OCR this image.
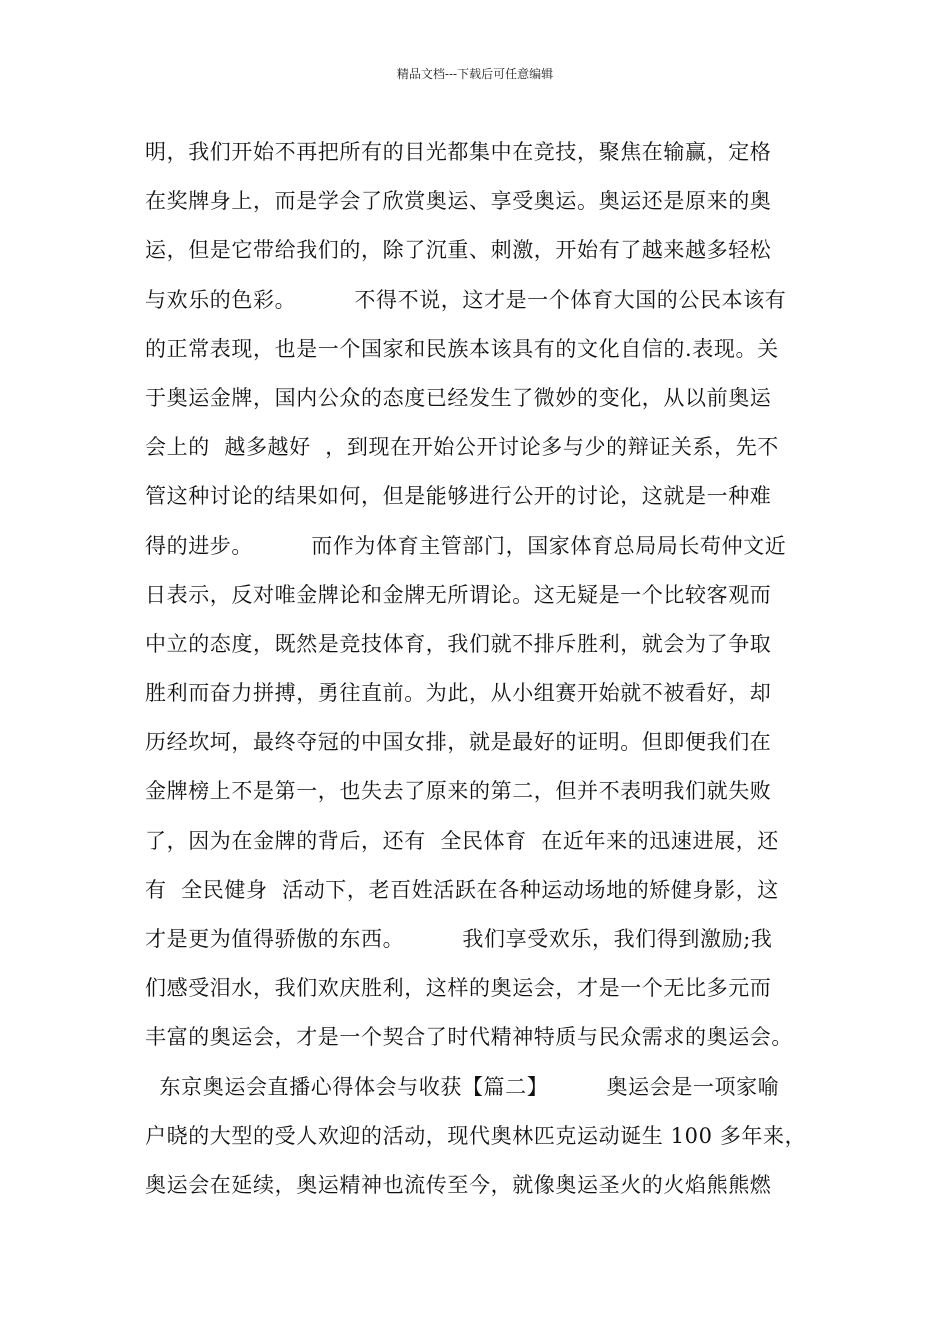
精品文档---下载后可任意编辑
明，我们开始不再把所有的目光都集中在竞技，聚焦在输赢，定格
在奖牌身上，而是学会了欣赏奥运、享受奥运。奥运还是原来的奥
运，但是它带给我们的，除了沉重、刺激，开始有了越来越多轻松
与欢乐的色彩。        不得不说，这才是一个体育大国的公民本该有
的正常表现，也是一个国家和民族本该具有的文化自信的.表现。关
于奥运金牌，国内公众的态度已经发生了微妙的变化，从以前奥运
会上的  越多越好  ，到现在开始公开讨论多与少的辩证关系，先不
管这种讨论的结果如何，但是能够进行公开的讨论，这就是一种难
得的进步。        而作为体育主管部门，国家体育总局局长苟仲文近
日表示，反对唯金牌论和金牌无所谓论。这无疑是一个比较客观而
中立的态度，既然是竞技体育，我们就不排斥胜利，就会为了争取
胜利而奋力拼搏，勇往直前。为此，从小组赛开始就不被看好，却
历经坎坷，最终夺冠的中国女排，就是最好的证明。但即便我们在
金牌榜上不是第一，也失去了原来的第二，但并不表明我们就失败
了，因为在金牌的背后，还有  全民体育  在近年来的迅速进展，还
有  全民健身  活动下，老百姓活跃在各种运动场地的矫健身影，这
才是更为值得骄傲的东西。        我们享受欢乐，我们得到激励;我
们感受泪水，我们欢庆胜利，这样的奥运会，才是一个无比多元而
丰富的奥运会，才是一个契合了时代精神特质与民众需求的奥运会。
东京奥运会直播心得体会与收获【篇二】        奥运会是一项家喻
户晓的大型的受人欢迎的活动，现代奥林匹克运动诞生 100 多年来，
奥运会在延续，奥运精神也流传至今，就像奥运圣火的火焰熊熊燃
